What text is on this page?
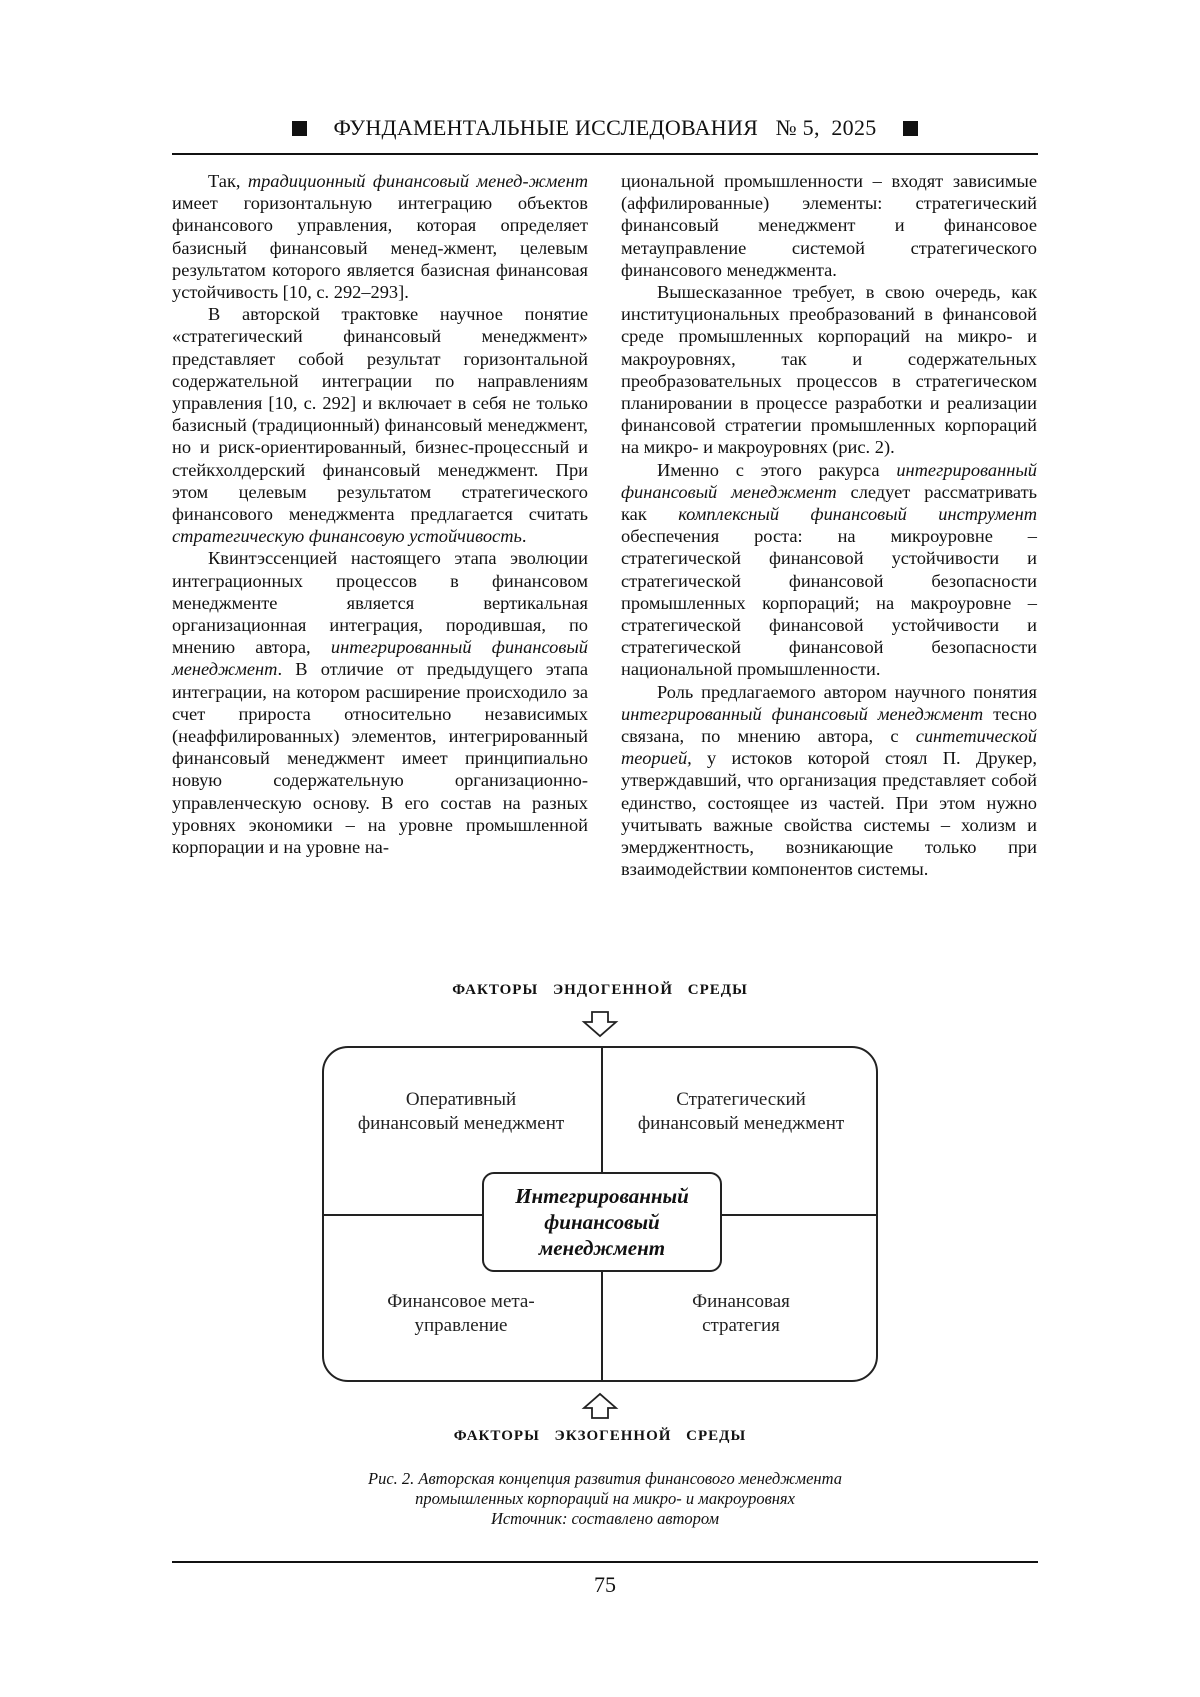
ФУНДАМЕНТАЛЬНЫЕ ИССЛЕДОВАНИЯ № 5,  2025

Так, традиционный финансовый менед-жмент имеет горизонтальную интеграцию объектов финансового управления, которая определяет базисный финансовый менед-жмент, целевым результатом которого является базисная финансовая устойчивость [10, с. 292–293].

В авторской трактовке научное понятие «стратегический финансовый менеджмент» представляет собой результат горизонтальной содержательной интеграции по направлениям управления [10, с. 292] и включает в себя не только базисный (традиционный) финансовый менеджмент, но и риск-ориентированный, бизнес-процессный и стейкхолдерский финансовый менеджмент. При этом целевым результатом стратегического финансового менеджмента предлагается считать стратегическую финансовую устойчивость.

Квинтэссенцией настоящего этапа эволюции интеграционных процессов в финансовом менеджменте является вертикальная организационная интеграция, породившая, по мнению автора, интегрированный финансовый менеджмент. В отличие от предыдущего этапа интеграции, на котором расширение происходило за счет прироста относительно независимых (неаффилированных) элементов, интегрированный финансовый менеджмент имеет принципиально новую содержательную организационно-управленческую основу. В его состав на разных уровнях экономики – на уровне промышленной корпорации и на уровне на-

циональной промышленности – входят зависимые (аффилированные) элементы: стратегический финансовый менеджмент и финансовое метауправление системой стратегического финансового менеджмента.

Вышесказанное требует, в свою очередь, как институциональных преобразований в финансовой среде промышленных корпораций на микро- и макроуровнях, так и содержательных преобразовательных процессов в стратегическом планировании в процессе разработки и реализации финансовой стратегии промышленных корпораций на микро- и макроуровнях (рис. 2).

Именно с этого ракурса интегрированный финансовый менеджмент следует рассматривать как комплексный финансовый инструмент обеспечения роста: на микроуровне – стратегической финансовой устойчивости и стратегической финансовой безопасности промышленных корпораций; на макроуровне – стратегической финансовой устойчивости и стратегической финансовой безопасности национальной промышленности.

Роль предлагаемого автором научного понятия интегрированный финансовый менеджмент тесно связана, по мнению автора, с синтетической теорией, у истоков которой стоял П. Друкер, утверждавший, что организация представляет собой единство, состоящее из частей. При этом нужно учитывать важные свойства системы – холизм и эмерджентность, возникающие только при взаимодействии компонентов системы.

ФАКТОРЫ ЭНДОГЕННОЙ СРЕДЫ
Оперативный
финансовый менеджмент
Стратегический
финансовый менеджмент
Финансовое мета-
управление
Финансовая
стратегия
Интегрированный
финансовый
менеджмент
ФАКТОРЫ ЭКЗОГЕННОЙ СРЕДЫ
Рис. 2. Авторская концепция развития финансового менеджмента
промышленных корпораций на микро- и макроуровнях
Источник: составлено автором
75
